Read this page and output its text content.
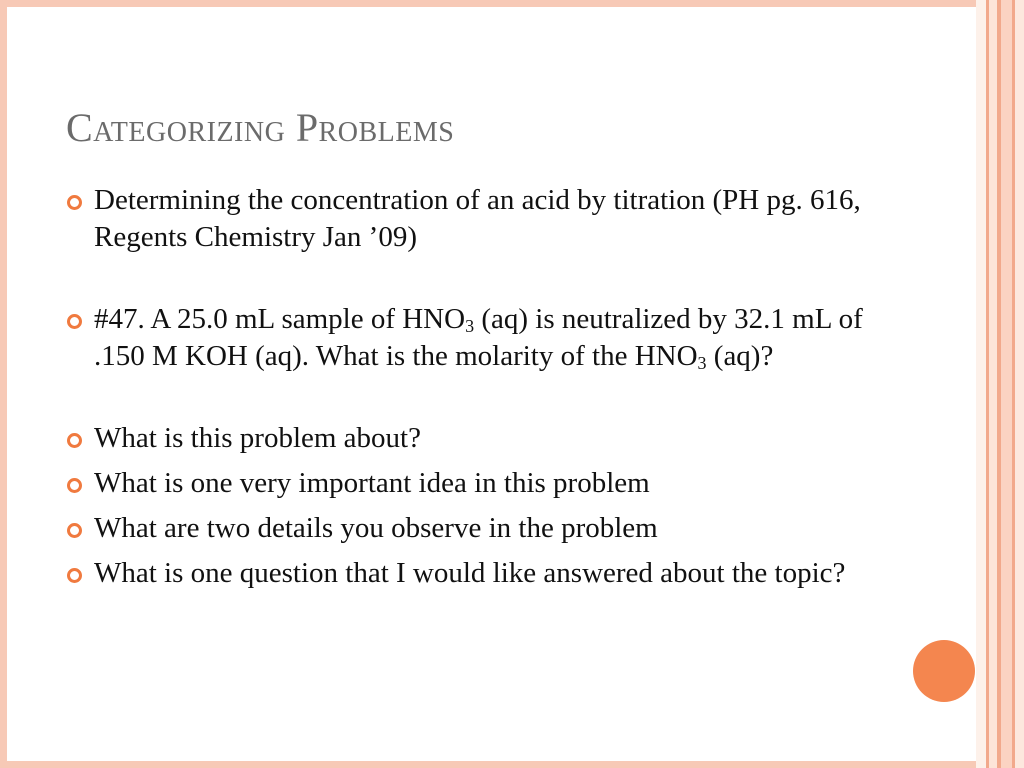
Categorizing Problems
Determining the concentration of an acid by titration (PH pg. 616, Regents Chemistry Jan ’09)
#47. A 25.0 mL sample of $HNO_3$ (aq) is neutralized by 32.1 mL of .150 M KOH (aq). What is the molarity of the $HNO_3$ (aq)?
What is this problem about?
What is one very important idea in this problem
What are two details you observe in the problem
What is one question that I would like answered about the topic?
